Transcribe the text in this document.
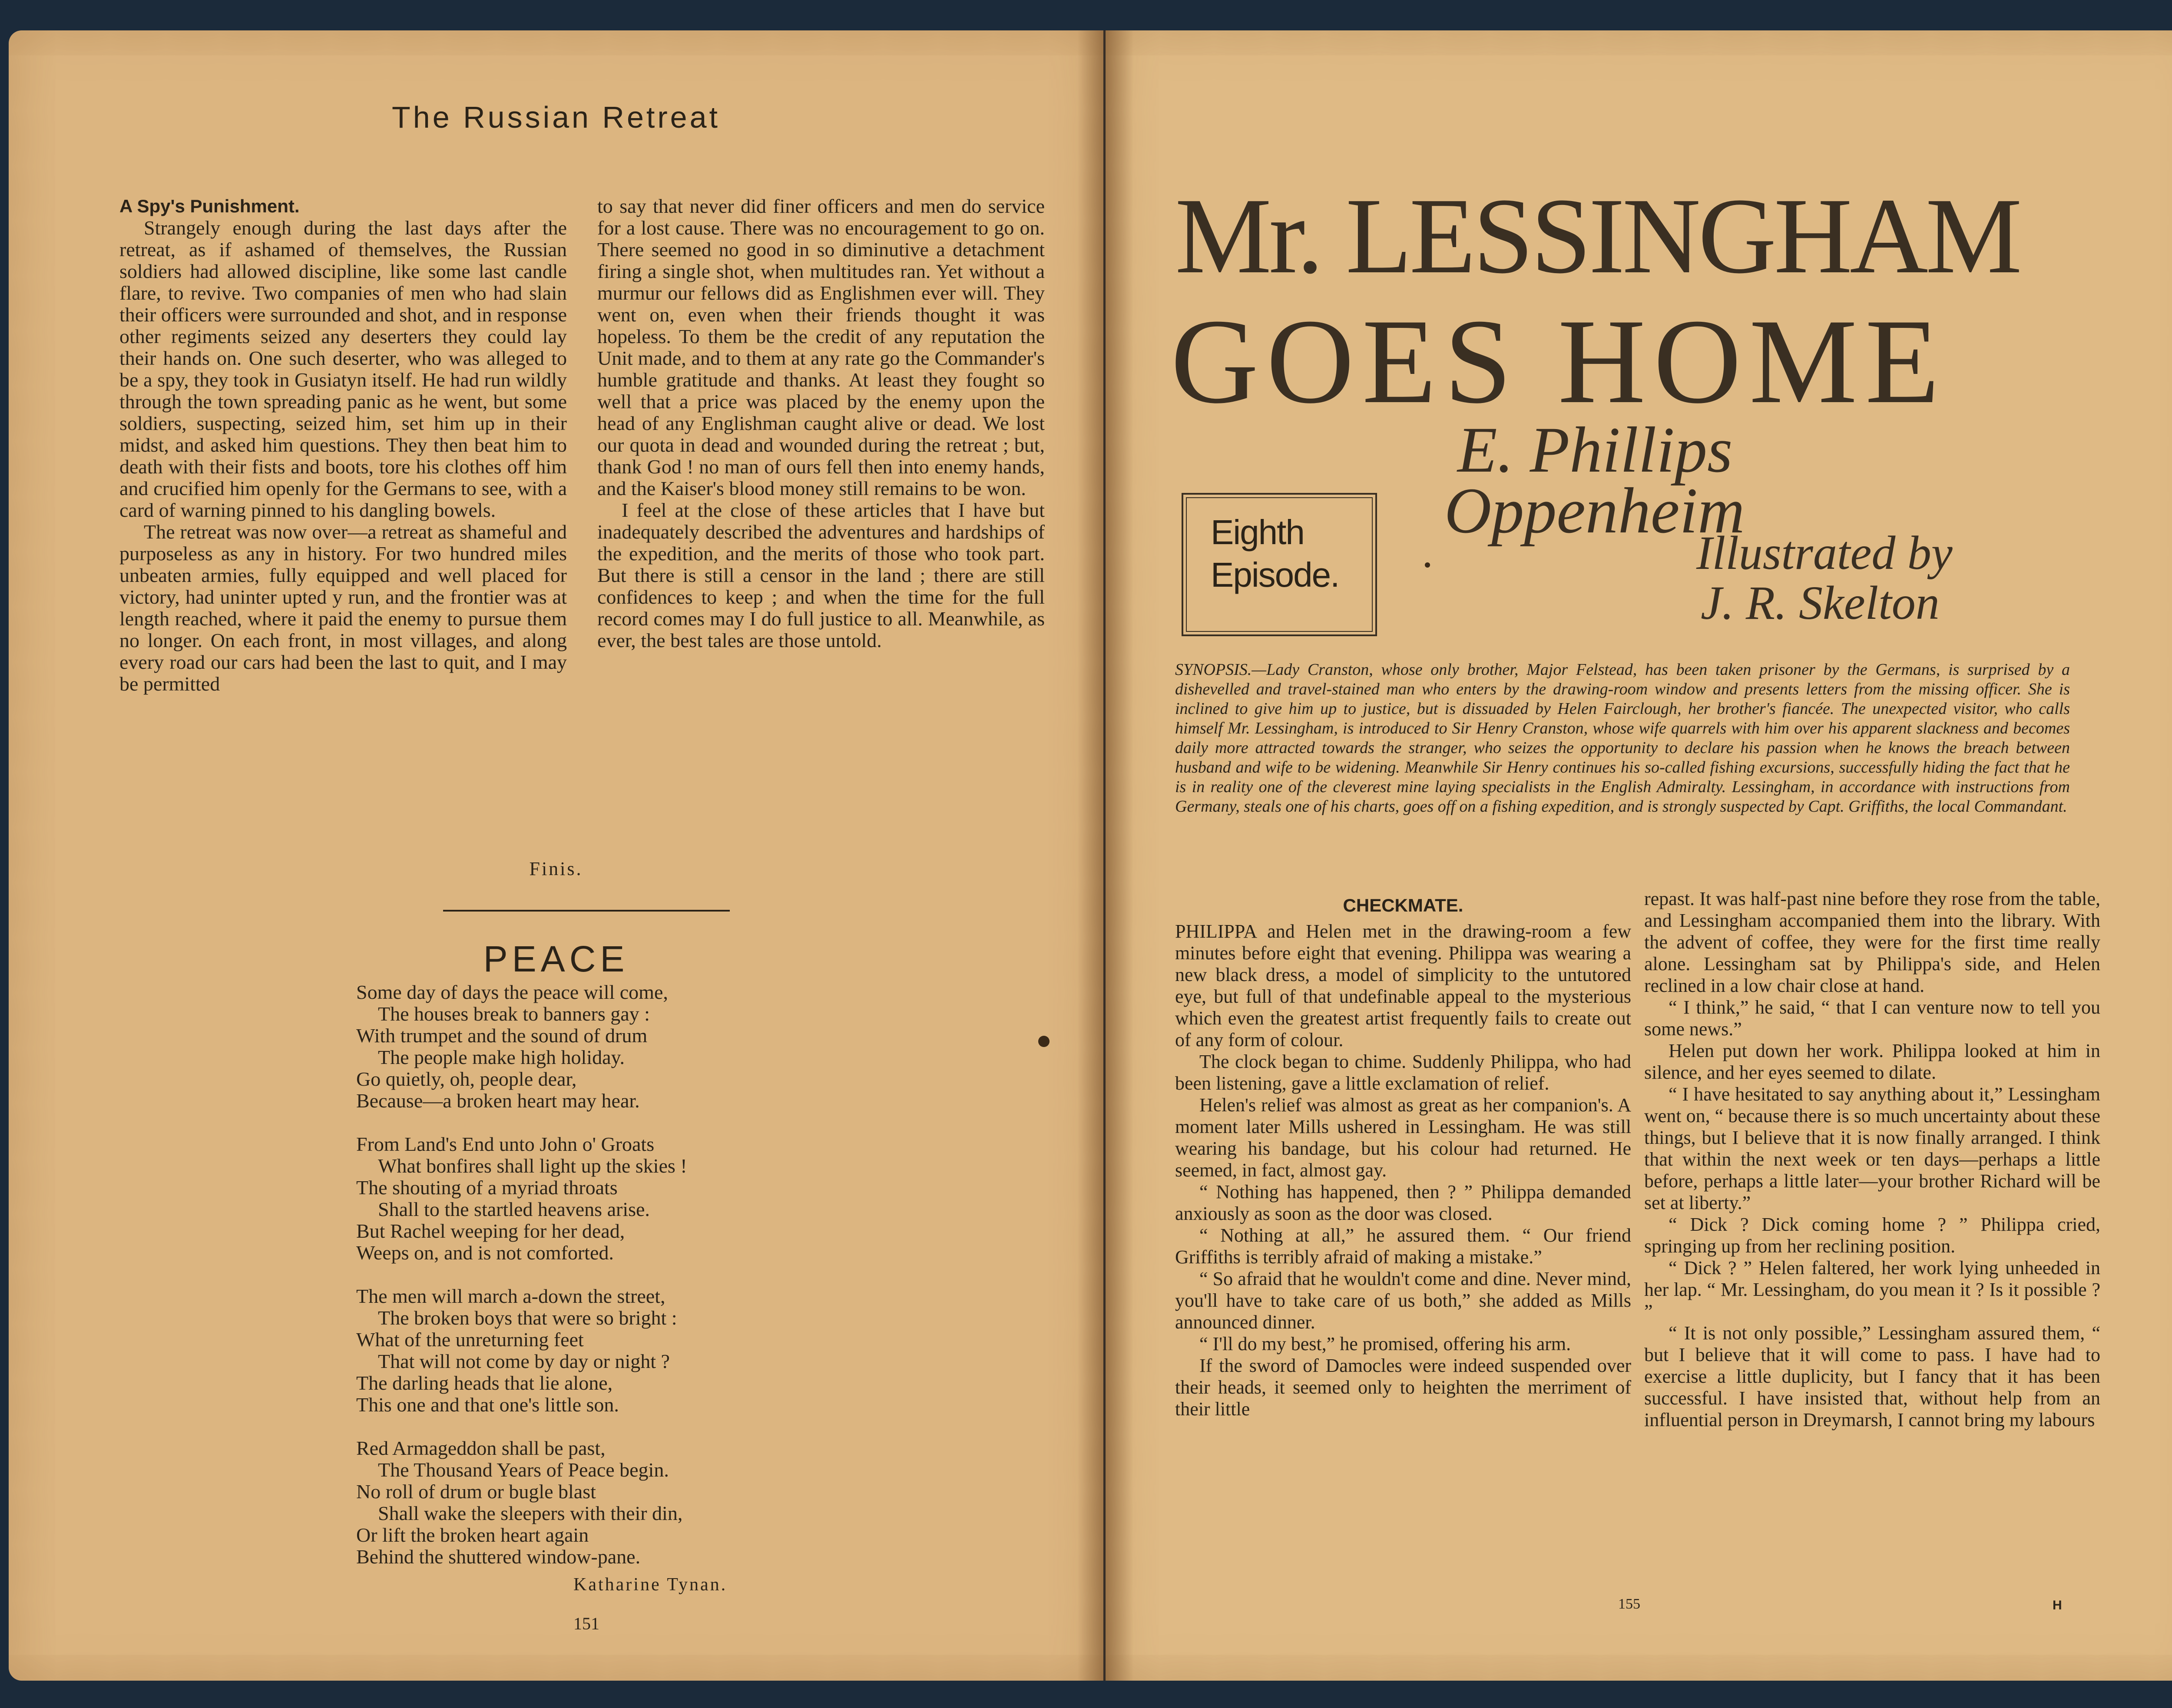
The Russian Retreat

A Spy's Punishment.

Strangely enough during the last days after the retreat, as if ashamed of themselves, the Russian soldiers had allowed discipline, like some last candle flare, to revive. Two companies of men who had slain their officers were surrounded and shot, and in response other regiments seized any deserters they could lay their hands on. One such deserter, who was alleged to be a spy, they took in Gusiatyn itself. He had run wildly through the town spreading panic as he went, but some soldiers, suspecting, seized him, set him up in their midst, and asked him questions. They then beat him to death with their fists and boots, tore his clothes off him and crucified him openly for the Germans to see, with a card of warning pinned to his dangling bowels.

The retreat was now over—a retreat as shameful and purposeless as any in history. For two hundred miles unbeaten armies, fully equipped and well placed for victory, had uninter upted y run, and the frontier was at length reached, where it paid the enemy to pursue them no longer. On each front, in most villages, and along every road our cars had been the last to quit, and I may be permitted

to say that never did finer officers and men do service for a lost cause. There was no encouragement to go on. There seemed no good in so diminutive a detachment firing a single shot, when multitudes ran. Yet without a murmur our fellows did as Englishmen ever will. They went on, even when their friends thought it was hopeless. To them be the credit of any reputation the Unit made, and to them at any rate go the Commander's humble gratitude and thanks. At least they fought so well that a price was placed by the enemy upon the head of any Englishman caught alive or dead. We lost our quota in dead and wounded during the retreat ; but, thank God ! no man of ours fell then into enemy hands, and the Kaiser's blood money still remains to be won.

I feel at the close of these articles that I have but inadequately described the adventures and hardships of the expedition, and the merits of those who took part. But there is still a censor in the land ; there are still confidences to keep ; and when the time for the full record comes may I do full justice to all. Meanwhile, as ever, the best tales are those untold.

Finis.
PEACE
Some day of days the peace will come,
The houses break to banners gay :
With trumpet and the sound of drum
The people make high holiday.
Go quietly, oh, people dear,
Because—a broken heart may hear.
From Land's End unto John o' Groats
What bonfires shall light up the skies !
The shouting of a myriad throats
Shall to the startled heavens arise.
But Rachel weeping for her dead,
Weeps on, and is not comforted.
The men will march a-down the street,
The broken boys that were so bright :
What of the unreturning feet
That will not come by day or night ?
The darling heads that lie alone,
This one and that one's little son.
Red Armageddon shall be past,
The Thousand Years of Peace begin.
No roll of drum or bugle blast
Shall wake the sleepers with their din,
Or lift the broken heart again
Behind the shuttered window-pane.
Katharine Tynan.
151
Mr. LESSINGHAM
GOES HOME
E. Phillips
Oppenheim
Illustrated by
J. R. Skelton
Eighth
Episode.
SYNOPSIS.—Lady Cranston, whose only brother, Major Felstead, has been taken prisoner by the Germans, is surprised by a dishevelled and travel-stained man who enters by the drawing-room window and presents letters from the missing officer. She is inclined to give him up to justice, but is dissuaded by Helen Fairclough, her brother's fiancée. The unexpected visitor, who calls himself Mr. Lessingham, is introduced to Sir Henry Cranston, whose wife quarrels with him over his apparent slackness and becomes daily more attracted towards the stranger, who seizes the opportunity to declare his passion when he knows the breach between husband and wife to be widening. Meanwhile Sir Henry continues his so-called fishing excursions, successfully hiding the fact that he is in reality one of the cleverest mine laying specialists in the English Admiralty. Lessingham, in accordance with instructions from Germany, steals one of his charts, goes off on a fishing expedition, and is strongly suspected by Capt. Griffiths, the local Commandant.
CHECKMATE.

PHILIPPA and Helen met in the drawing-room a few minutes before eight that evening. Philippa was wearing a new black dress, a model of simplicity to the untutored eye, but full of that undefinable appeal to the mysterious which even the greatest artist frequently fails to create out of any form of colour.

The clock began to chime. Suddenly Philippa, who had been listening, gave a little exclamation of relief.

Helen's relief was almost as great as her companion's. A moment later Mills ushered in Lessingham. He was still wearing his bandage, but his colour had returned. He seemed, in fact, almost gay.

“ Nothing has happened, then ? ” Philippa demanded anxiously as soon as the door was closed.

“ Nothing at all,” he assured them. “ Our friend Griffiths is terribly afraid of making a mistake.”

“ So afraid that he wouldn't come and dine. Never mind, you'll have to take care of us both,” she added as Mills announced dinner.

“ I'll do my best,” he promised, offering his arm.

If the sword of Damocles were indeed suspended over their heads, it seemed only to heighten the merriment of their little

repast. It was half-past nine before they rose from the table, and Lessingham accompanied them into the library. With the advent of coffee, they were for the first time really alone. Lessingham sat by Philippa's side, and Helen reclined in a low chair close at hand.

“ I think,” he said, “ that I can venture now to tell you some news.”

Helen put down her work. Philippa looked at him in silence, and her eyes seemed to dilate.

“ I have hesitated to say anything about it,” Lessingham went on, “ because there is so much uncertainty about these things, but I believe that it is now finally arranged. I think that within the next week or ten days—perhaps a little before, perhaps a little later—your brother Richard will be set at liberty.”

“ Dick ? Dick coming home ? ” Philippa cried, springing up from her reclining position.

“ Dick ? ” Helen faltered, her work lying unheeded in her lap. “ Mr. Lessingham, do you mean it ? Is it possible ? ”

“ It is not only possible,” Lessingham assured them, “ but I believe that it will come to pass. I have had to exercise a little duplicity, but I fancy that it has been successful. I have insisted that, without help from an influential person in Dreymarsh, I cannot bring my labours

155	H
